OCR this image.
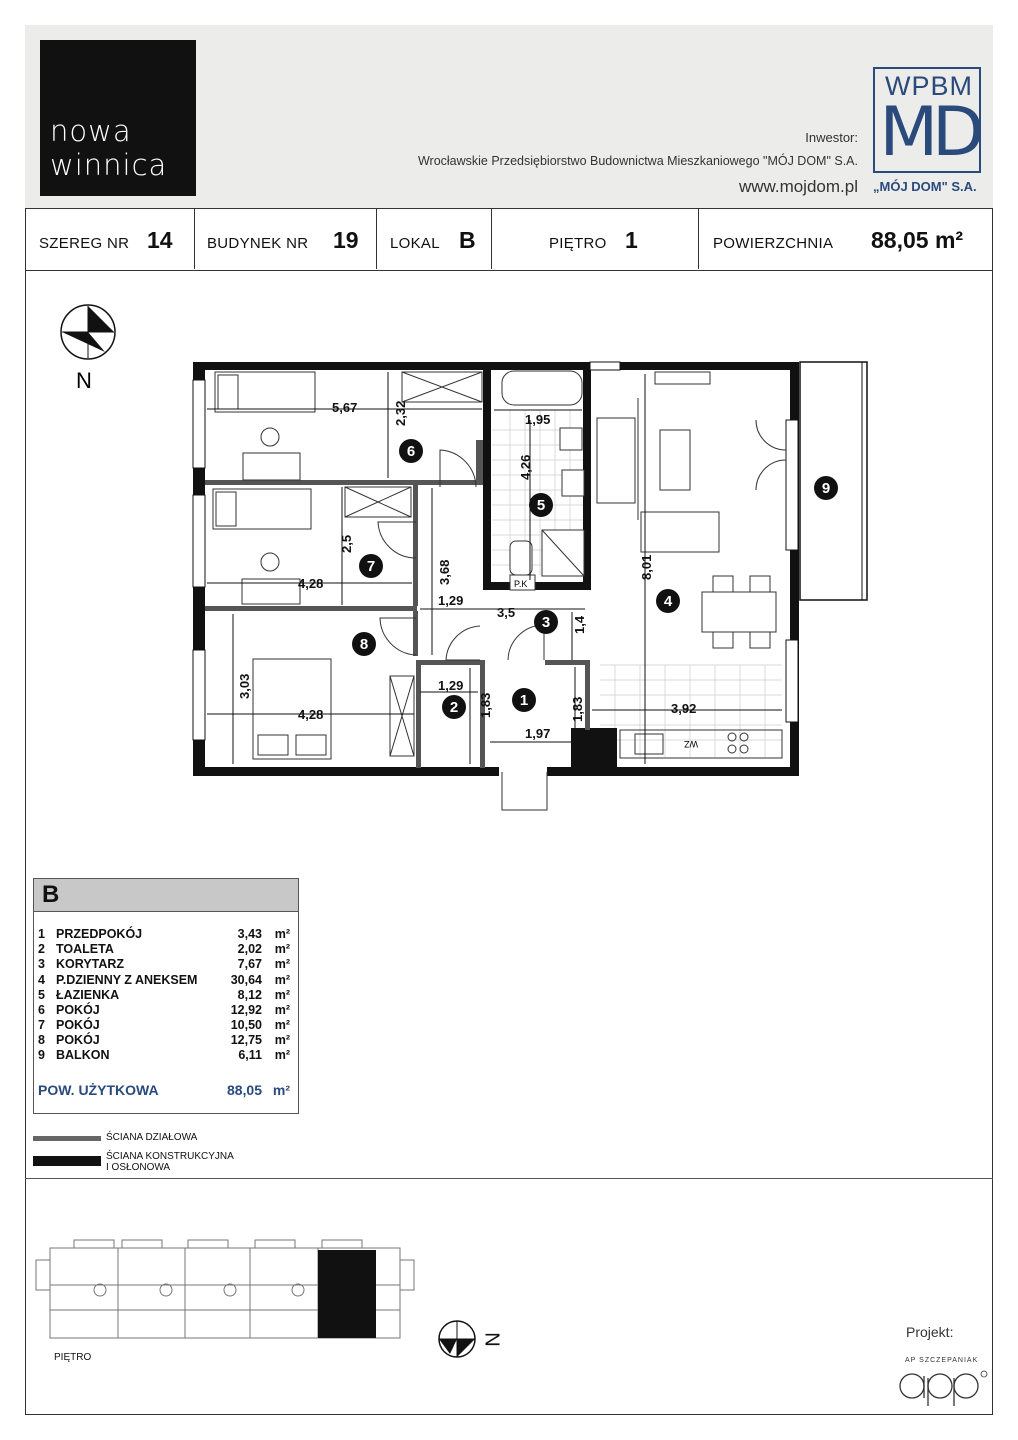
nowa
winnica
Inwestor:
Wrocławskie Przedsiębiorstwo Budownictwa Mieszkaniowego "MÓJ DOM" S.A.
www.mojdom.pl
WPBM
MD
„MÓJ DOM" S.A.
SZEREG NR 14 BUDYNEK NR 19 LOKAL B	PIĘTRO 1	POWIERZCHNIA 88,05 m²
N
P.K
WZ
5,67	2,32	1,95
4,26
2,5
4,28	3,68
1,29
3,5
1,4
3,03
4,28
1,29
1,83	1,83
1,97
8,01
3,92
1
2
3
4
5
6
7
8
9
B
1 PRZEDPOKÓJ	3,43 m²
2 TOALETA	2,02 m²
3 KORYTARZ	7,67 m²
4 P.DZIENNY Z ANEKSEM	30,64 m²
5 ŁAZIENKA	8,12 m²
6 POKÓJ	12,92 m²
7 POKÓJ	10,50 m²
8 POKÓJ	12,75 m²
9 BALKON	6,11 m²
POW. UŻYTKOWA	88,05 m²
ŚCIANA DZIAŁOWA
ŚCIANA KONSTRUKCYJNA
I OSŁONOWA
PIĘTRO
N	Projekt:
AP SZCZEPANIAK
